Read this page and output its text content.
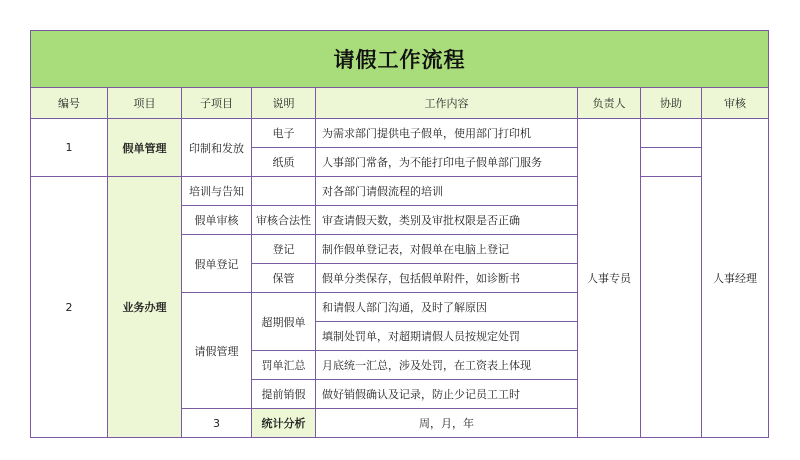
请假工作流程								
编号	项目	子项目	说明	工作内容	负责人	协助	审核	
1	假单管理	印制和发放	电子	为需求部门提供电子假单，使用部门打印机	人事专员		人事经理	
			纸质	人事部门常备，为不能打印电子假单部门服务				
2	业务办理	培训与告知		对各部门请假流程的培训				
		假单审核	审核合法性	审查请假天数，类别及审批权限是否正确				
		假单登记	登记	制作假单登记表，对假单在电脑上登记				
			保管	假单分类保存，包括假单附件，如诊断书				
		请假管理	超期假单	和请假人部门沟通，及时了解原因				
				填制处罚单，对超期请假人员按规定处罚				
			罚单汇总	月底统一汇总，涉及处罚，在工资表上体现				
			提前销假	做好销假确认及记录，防止少记员工工时				
		3	统计分析	周，月，年			
